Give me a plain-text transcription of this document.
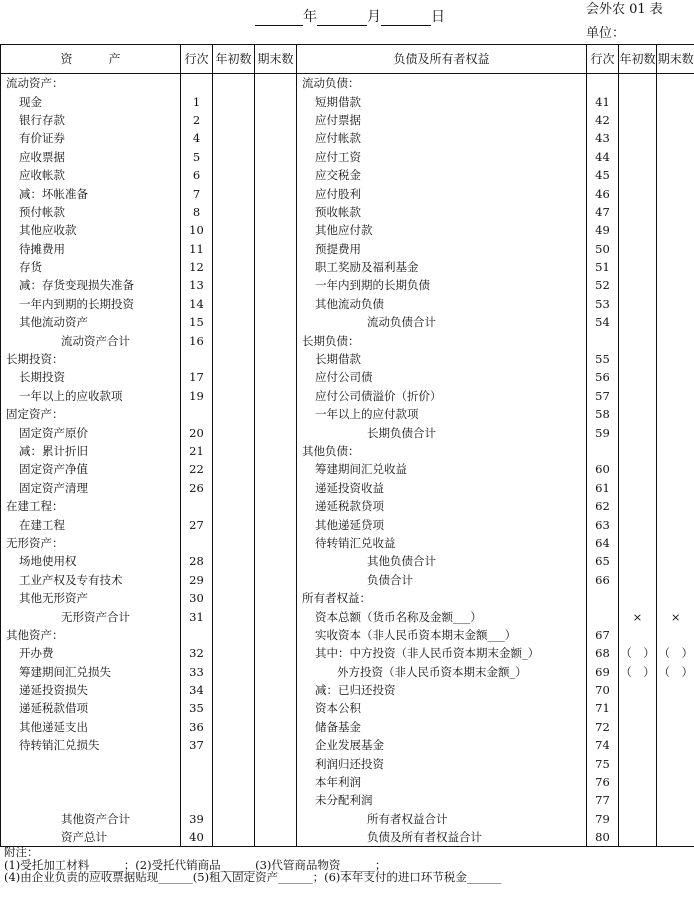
年	月	日	会外农 01 表
单位：
资　　　产	行次	年初数	期末数	负债及所有者权益	行次	年初数	期末数
流动资产：				流动负债：			
现金	1			短期借款	41		
银行存款	2			应付票据	42		
有价证券	4			应付帐款	43		
应收票据	5			应付工资	44		
应收帐款	6			应交税金	45		
减：坏帐准备	7			应付股利	46		
预付帐款	8			预收帐款	47		
其他应收款	10			其他应付款	49		
待摊费用	11			预提费用	50		
存货	12			职工奖励及福利基金	51		
减：存货变现损失准备	13			一年内到期的长期负债	52		
一年内到期的长期投资	14			其他流动负债	53		
其他流动资产	15			流动负债合计	54		
流动资产合计	16			长期负债：			
长期投资：				长期借款	55		
长期投资	17			应付公司债	56		
一年以上的应收款项	19			应付公司债溢价（折价）	57		
固定资产：				一年以上的应付款项	58		
固定资产原价	20			长期负债合计	59		
减：累计折旧	21			其他负债：			
固定资产净值	22			筹建期间汇兑收益	60		
固定资产清理	26			递延投资收益	61		
在建工程：				递延税款贷项	62		
在建工程	27			其他递延贷项	63		
无形资产：				待转销汇兑收益	64		
场地使用权	28			其他负债合计	65		
工业产权及专有技术	29			负债合计	66		
其他无形资产	30			所有者权益：			
无形资产合计	31			资本总额（货币名称及金额___）		×	×
其他资产：				实收资本（非人民币资本期末金额___）	67		
开办费	32			其中：中方投资（非人民币资本期末金额_）	68	（　）	（　）
筹建期间汇兑损失	33			外方投资（非人民币资本期末金额_）	69	（　）	（　）
递延投资损失	34			减：已归还投资	70		
递延税款借项	35			资本公积	71		
其他递延支出	36			储备基金	72		
待转销汇兑损失	37			企业发展基金	74		
				利润归还投资	75		
				本年利润	76		
				未分配利润	77		
其他资产合计	39			所有者权益合计	79		
资产总计	40			负债及所有者权益合计	80		
附注：
(1)受托加工材料______；(2)受托代销商品______(3)代管商品物资______；
(4)由企业负责的应收票据贴现______(5)租入固定资产______；(6)本年支付的进口环节税金______
